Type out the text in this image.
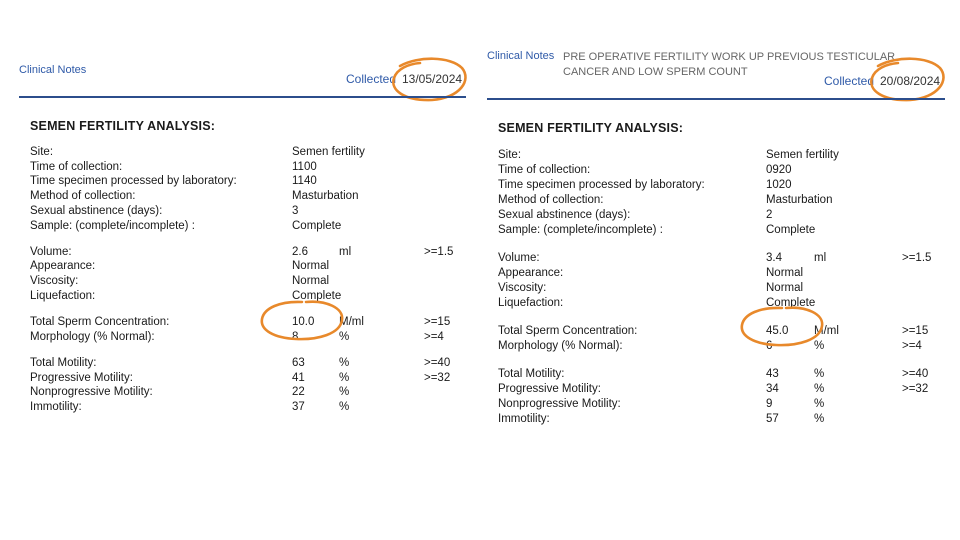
Clinical Notes
Collected 13/05/2024
SEMEN FERTILITY ANALYSIS:
Site:	Semen fertility
Time of collection:	1100
Time specimen processed by laboratory:	1140
Method of collection:	Masturbation
Sexual abstinence (days):	3
Sample: (complete/incomplete) :	Complete
Volume:	2.6	ml	>=1.5
Appearance:	Normal
Viscosity:	Normal
Liquefaction:	Complete
Total Sperm Concentration:	10.0 M/ml	>=15
Morphology (% Normal):	8	%	>=4
Total Motility:	63	%	>=40
Progressive Motility:	41	%	>=32
Nonprogressive Motility:	22	%
Immotility:	37	%
Clinical Notes PRE OPERATIVE FERTILITY WORK UP PREVIOUS TESTICULAR CANCER AND LOW SPERM COUNT
Collected 20/08/2024
SEMEN FERTILITY ANALYSIS:
Site:	Semen fertility
Time of collection:	0920
Time specimen processed by laboratory:	1020
Method of collection:	Masturbation
Sexual abstinence (days):	2
Sample: (complete/incomplete) :	Complete
Volume:	3.4	ml	>=1.5
Appearance:	Normal
Viscosity:	Normal
Liquefaction:	Complete
Total Sperm Concentration:	45.0 M/ml	>=15
Morphology (% Normal):	6	%	>=4
Total Motility:	43	%	>=40
Progressive Motility:	34	%	>=32
Nonprogressive Motility:	9	%
Immotility:	57	%
